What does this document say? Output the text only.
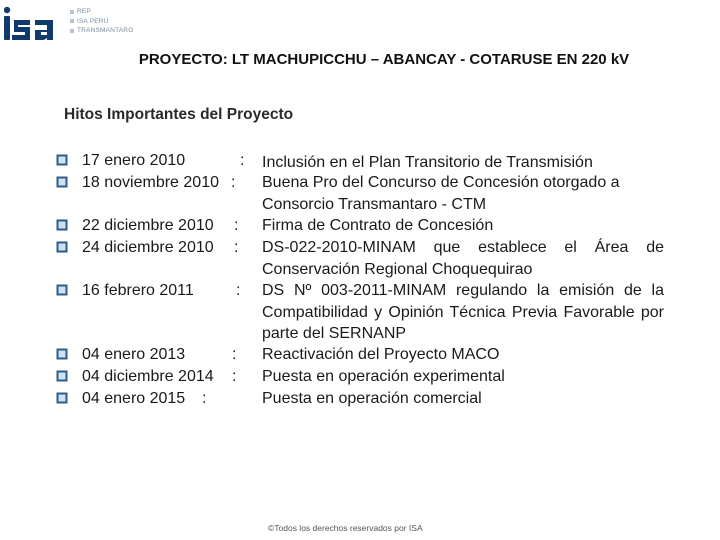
REP
ISA PERÚ
TRANSMANTARO
PROYECTO: LT MACHUPICCHU – ABANCAY - COTARUSE EN 220 kV
Hitos Importantes del Proyecto
17 enero 2010	: Inclusión en el Plan Transitorio de Transmisión
18 noviembre 2010 : Buena Pro del Concurso de Concesión otorgado a Consorcio Transmantaro - CTM
22 diciembre 2010 : Firma de Contrato de Concesión
24 diciembre 2010 : DS-022-2010-MINAM que establece el Área de Conservación Regional Choquequirao
16 febrero 2011	: DS Nº 003-2011-MINAM regulando la emisión de la Compatibilidad y Opinión Técnica Previa Favorable por parte del SERNANP
04 enero 2013	: Reactivación del Proyecto MACO
04 diciembre 2014 : Puesta en operación experimental
04 enero 2015 :	Puesta en operación comercial
©Todos los derechos reservados por ISA
